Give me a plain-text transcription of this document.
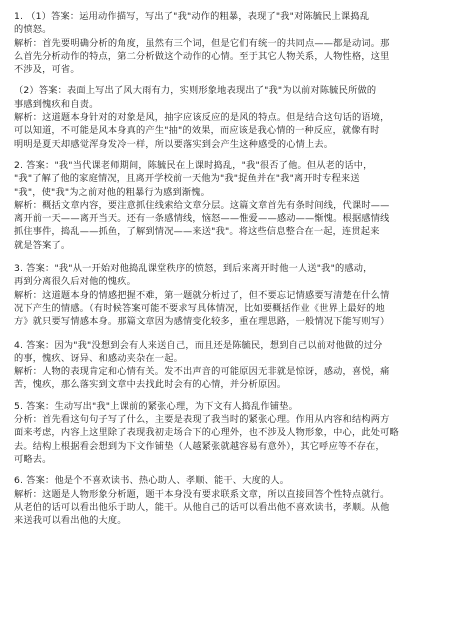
1. （1）答案：运用动作描写，写出了"我"动作的粗暴，表现了"我"对陈毓民上课捣乱
的愤怒。
解析：首先要明确分析的角度，虽然有三个词，但是它们有统一的共同点——都是动词。那
么首先分析动作的特点，第二分析做这个动作的心情。至于其它人物关系，人物性格，这里
不涉及，可省。
（2）答案：表面上写出了风大雨有力，实则形象地表现出了"我"为以前对陈毓民所做的
事感到愧疚和自责。
解析：这道题本身针对的对象是风，抽字应该反应的是风的特点。但是结合这句话的语境，
可以知道，不可能是风本身真的产生"抽"的效果，而应该是我心情的一种反应，就像有时
明明是夏天却感觉浑身发冷一样，所以要落实到会产生这种感受的心情上去。
2. 答案："我"当代课老师期间，陈毓民在上课时捣乱，"我"很否了他。但从老的话中，
"我"了解了他的家庭情况，且离开学校前一天他为"我"捉鱼并在"我"离开时专程来送
"我"，使"我"为之前对他的粗暴行为感到渐愧。
解析：概括文章内容，要注意抓住线索给文章分层。这篇文章首先有条时间线，代课时——
离开前一天——离开当天。还有一条感情线，恼怒——惟爱——感动——惭愧。根据感情线
抓住事件，捣乱——抓鱼，了解到情况——来送"我"。将这些信息整合在一起，连贯起来
就是答案了。
3. 答案："我"从一开始对他捣乱课堂秩序的愤怒，到后来离开时他一人送"我"的感动，
再到分离很久后对他的愧疚。
解析：这道题本身的情感把握不难，第一题就分析过了，但不要忘记情感要写清楚在什么情
况下产生的情感。（有时候答案可能不要求写具体情况，比如要概括作业《世界上最好的地
方》就只要写情感本身。那篇文章因为感情变化较多，重在理思路，一般情况下能写则写）
4. 答案：因为"我"没想到会有人来送自己，而且还是陈毓民，想到自己以前对他做的过分
的事，愧疚、讶异、和感动夹杂在一起。
解析：人物的表现肯定和心情有关。发不出声音的可能原因无非就是惊讶，感动，喜悦，痛
苦，愧疚，那么落实到文章中去找此时会有的心情，并分析原因。
5. 答案：生动写出"我"上课前的紧张心理，为下文有人捣乱作铺垫。
分析：首先看这句句子写了什么，主要是表现了我当时的紧张心理。作用从内容和结构两方
面来考虑，内容上这里除了表现我初走场合下的心理外，也不涉及人物形象，中心，此处可略
去。结构上根据看会想到为下文作铺垫（人越紧张就越容易有意外），其它呼应等不存在，
可略去。
6. 答案：他是个不喜欢读书、热心助人、孝顺、能干、大度的人。
解析：这题是人物形象分析题，题干本身没有要求联系文章，所以直接回答个性特点就行。
从老伯的话可以看出他乐于助人，能干。从他自己的话可以看出他不喜欢读书，孝顺。从他
来送我可以看出他的大度。
